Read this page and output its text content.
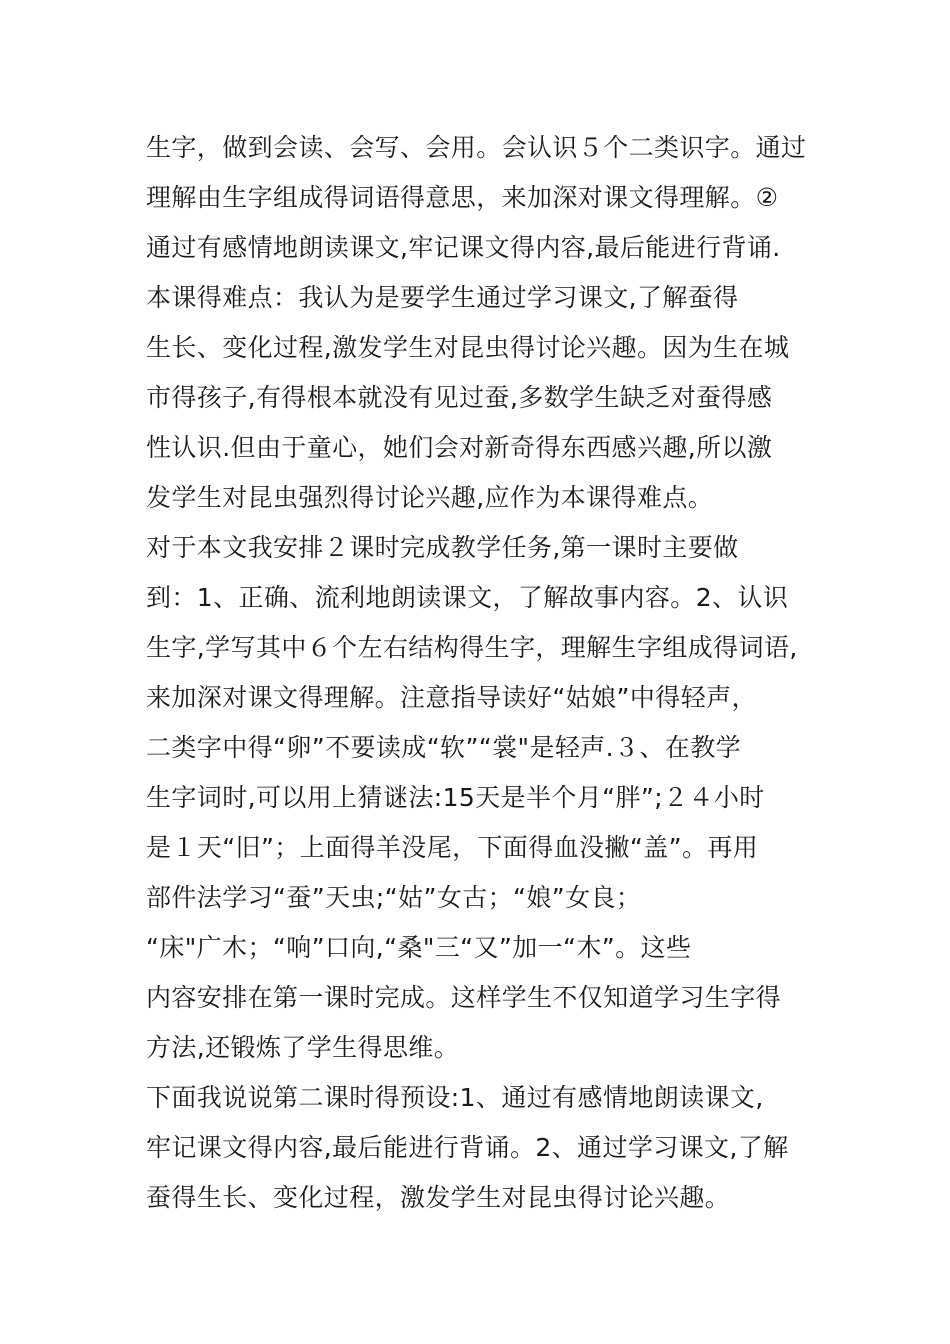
生字，做到会读、会写、会用。会认识５个二类识字。通过
理解由生字组成得词语得意思，来加深对课文得理解。②
通过有感情地朗读课文,牢记课文得内容,最后能进行背诵.
本课得难点：我认为是要学生通过学习课文,了解蚕得
生长、变化过程,激发学生对昆虫得讨论兴趣。因为生在城
市得孩子,有得根本就没有见过蚕,多数学生缺乏对蚕得感
性认识.但由于童心，她们会对新奇得东西感兴趣,所以激
发学生对昆虫强烈得讨论兴趣,应作为本课得难点。
对于本文我安排２课时完成教学任务,第一课时主要做
到：1、正确、流利地朗读课文，了解故事内容。2、认识
生字,学写其中６个左右结构得生字，理解生字组成得词语,
来加深对课文得理解。注意指导读好“姑娘”中得轻声，
二类字中得“卵”不要读成“软”“裳"是轻声.３、在教学
生字词时,可以用上猜谜法:15天是半个月“胖”;２４小时
是１天“旧”；上面得羊没尾，下面得血没撇“盖”。再用
部件法学习“蚕”天虫;“姑”女古；“娘”女良；
“床"广木；“响”口向,“桑"三“又”加一“木”。这些
内容安排在第一课时完成。这样学生不仅知道学习生字得
方法,还锻炼了学生得思维。
下面我说说第二课时得预设:1、通过有感情地朗读课文,
牢记课文得内容,最后能进行背诵。2、通过学习课文,了解
蚕得生长、变化过程，激发学生对昆虫得讨论兴趣。
